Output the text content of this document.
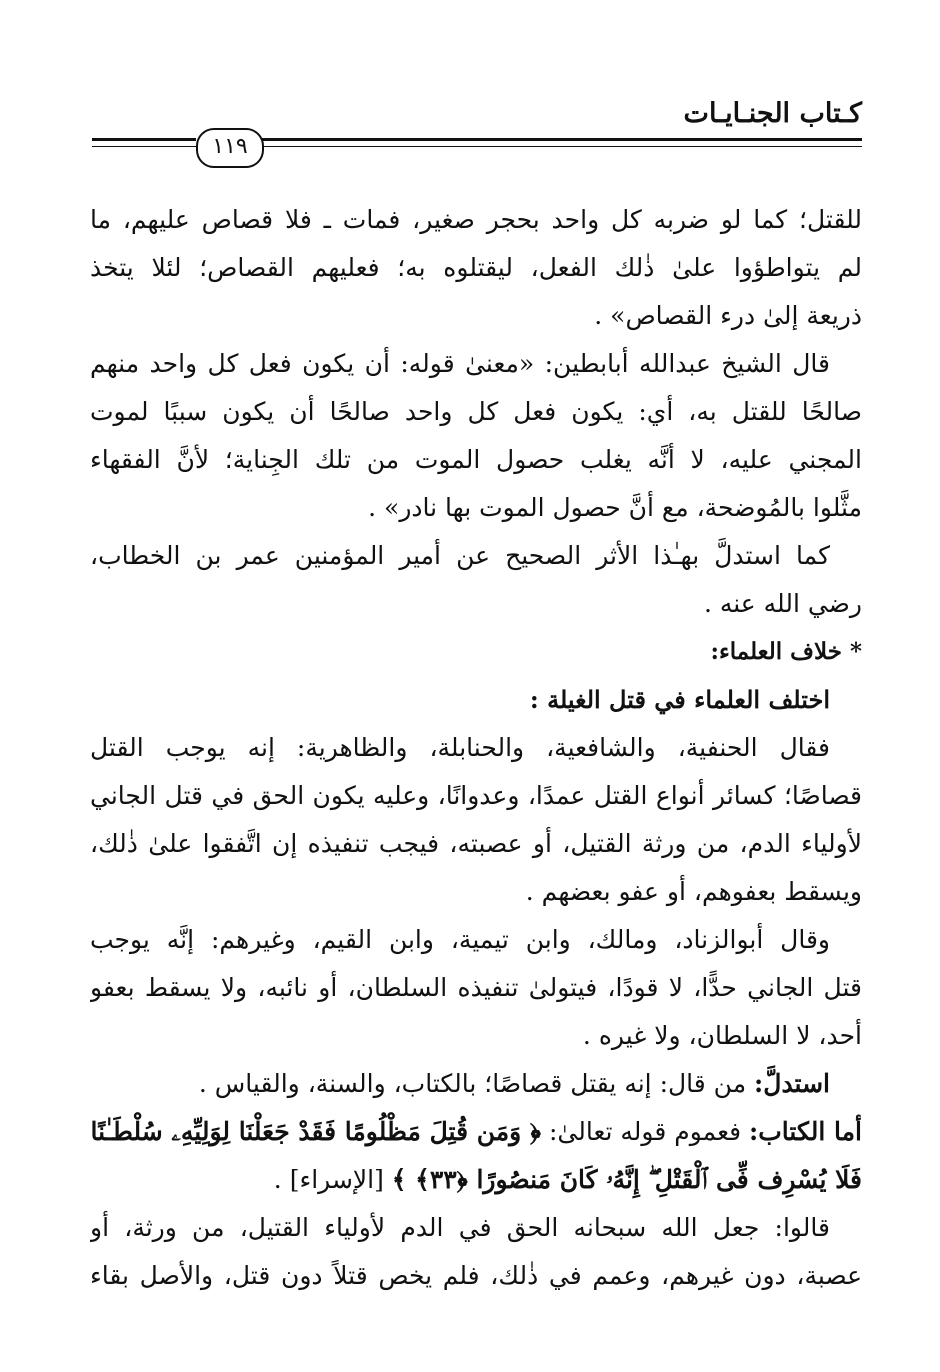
كـتاب الجنـايـات
١١٩
للقتل؛ كما لو ضربه كل واحد بحجر صغير، فمات ـ فلا قصاص عليهم، ما
لم يتواطؤوا علىٰ ذٰلك الفعل، ليقتلوه به؛ فعليهم القصاص؛ لئلا يتخذ
ذريعة إلىٰ درء القصاص» .
قال الشيخ عبدالله أبابطين: «معنىٰ قوله: أن يكون فعل كل واحد منهم
صالحًا للقتل به، أي: يكون فعل كل واحد صالحًا أن يكون سببًا لموت
المجني عليه، لا أنَّه يغلب حصول الموت من تلك الجِناية؛ لأنَّ الفقهاء
مثَّلوا بالمُوضحة، مع أنَّ حصول الموت بها نادر» .
كما استدلَّ بهـٰذا الأثر الصحيح عن أمير المؤمنين عمر بن الخطاب،
رضي الله عنه .
* خلاف العلماء:
اختلف العلماء في قتل الغيلة :
فقال الحنفية، والشافعية، والحنابلة، والظاهرية: إنه يوجب القتل
قصاصًا؛ كسائر أنواع القتل عمدًا، وعدوانًا، وعليه يكون الحق في قتل الجاني
لأولياء الدم، من ورثة القتيل، أو عصبته، فيجب تنفيذه إن اتَّفقوا علىٰ ذٰلك،
ويسقط بعفوهم، أو عفو بعضهم .
وقال أبوالزناد، ومالك، وابن تيمية، وابن القيم، وغيرهم: إنَّه يوجب
قتل الجاني حدًّا، لا قودًا، فيتولىٰ تنفيذه السلطان، أو نائبه، ولا يسقط بعفو
أحد، لا السلطان، ولا غيره .
استدلَّ: من قال: إنه يقتل قصاصًا؛ بالكتاب، والسنة، والقياس .
أما الكتاب: فعموم قوله تعالىٰ: ﴿ وَمَن قُتِلَ مَظْلُومًا فَقَدْ جَعَلْنَا لِوَلِيِّهِۦ سُلْطَـٰنًا
فَلَا يُسْرِف فِّى ٱلْقَتْلِ ۖ إِنَّهُۥ كَانَ مَنصُورًا ﴿٣٣﴾ ﴾ [الإسراء] .
قالوا: جعل الله سبحانه الحق في الدم لأولياء القتيل، من ورثة، أو
عصبة، دون غيرهم، وعمم في ذٰلك، فلم يخص قتلاً دون قتل، والأصل بقاء
